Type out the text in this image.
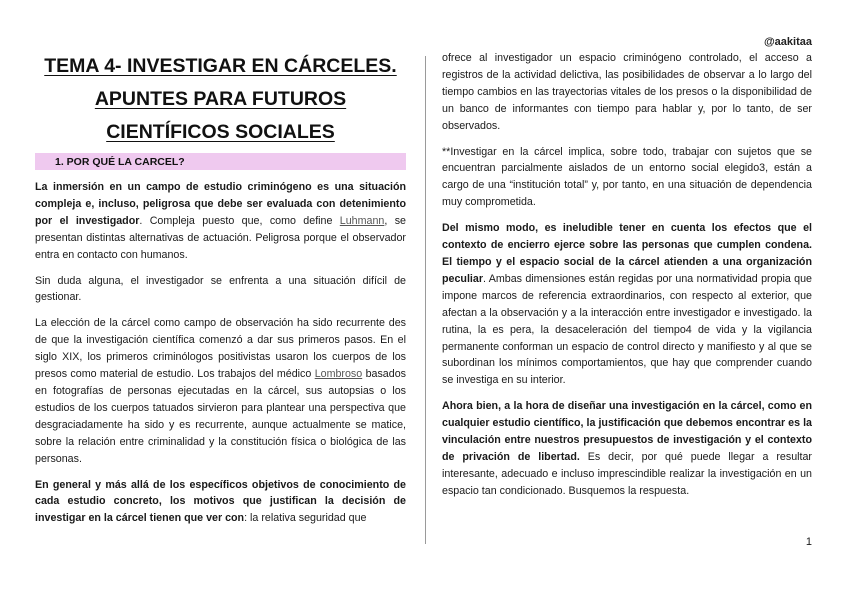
@aakitaa
TEMA 4- INVESTIGAR EN CÁRCELES.
APUNTES PARA FUTUROS
CIENTÍFICOS SOCIALES
1. POR QUÉ LA CARCEL?

La inmersión en un campo de estudio criminógeno es una situación compleja e, incluso, peligrosa que debe ser evaluada con detenimiento por el investigador. Compleja puesto que, como define Luhmann, se presentan distintas alternativas de actuación. Peligrosa porque el observador entra en contacto con humanos.

Sin duda alguna, el investigador se enfrenta a una situación difícil de gestionar.

La elección de la cárcel como campo de observación ha sido recurrente des de que la investigación científica comenzó a dar sus primeros pasos. En el siglo XIX, los primeros criminólogos positivistas usaron los cuerpos de los presos como material de estudio. Los trabajos del médico Lombroso basados en fotografías de personas ejecutadas en la cárcel, sus autopsias o los estudios de los cuerpos tatuados sirvieron para plantear una perspectiva que desgraciadamente ha sido y es recurrente, aunque actualmente se matice, sobre la relación entre criminalidad y la constitución física o biológica de las personas.

En general y más allá de los específicos objetivos de conocimiento de cada estudio concreto, los motivos que justifican la decisión de investigar en la cárcel tienen que ver con: la relativa seguridad que

ofrece al investigador un espacio criminógeno controlado, el acceso a registros de la actividad delictiva, las posibilidades de observar a lo largo del tiempo cambios en las trayectorias vitales de los presos o la disponibilidad de un banco de informantes con tiempo para hablar y, por lo tanto, de ser observados.

**Investigar en la cárcel implica, sobre todo, trabajar con sujetos que se encuentran parcialmente aislados de un entorno social elegido3, están a cargo de una “institución total” y, por tanto, en una situación de dependencia muy comprometida.

Del mismo modo, es ineludible tener en cuenta los efectos que el contexto de encierro ejerce sobre las personas que cumplen condena. El tiempo y el espacio social de la cárcel atienden a una organización peculiar. Ambas dimensiones están regidas por una normatividad propia que impone marcos de referencia extraordinarios, con respecto al exterior, que afectan a la observación y a la interacción entre investigador e investigado. la rutina, la es pera, la desaceleración del tiempo4 de vida y la vigilancia permanente conforman un espacio de control directo y manifiesto y al que se subordinan los mínimos comportamientos, que hay que comprender cuando se investiga en su interior.

Ahora bien, a la hora de diseñar una investigación en la cárcel, como en cualquier estudio científico, la justificación que debemos encontrar es la vinculación entre nuestros presupuestos de investigación y el contexto de privación de libertad. Es decir, por qué puede llegar a resultar interesante, adecuado e incluso imprescindible realizar la investigación en un espacio tan condicionado. Busquemos la respuesta.

1
